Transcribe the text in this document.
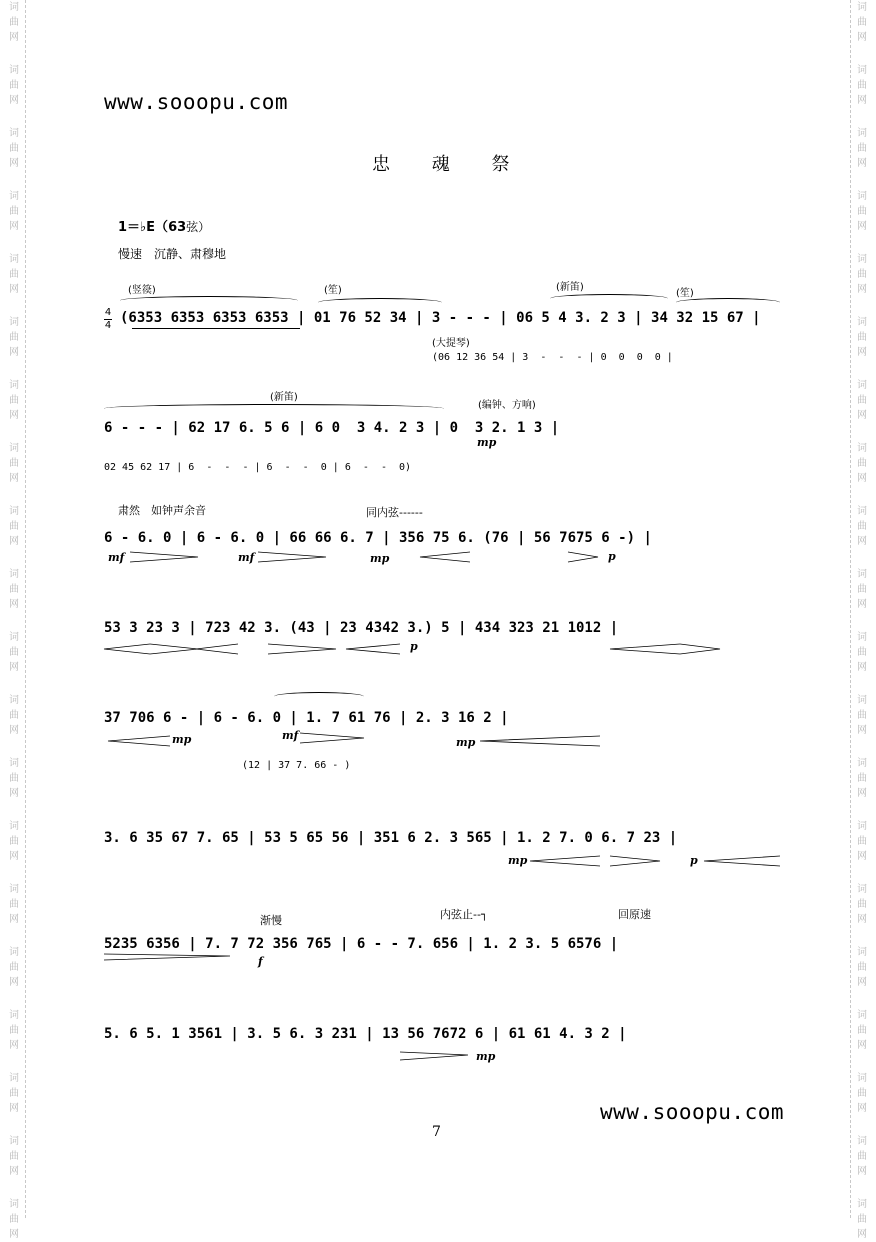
词
曲
网
词
曲
网
词
曲
网
词
曲
网
词
曲
网
词
曲
网
词
曲
网
词
曲
网
词
曲
网
词
曲
网
词
曲
网
词
曲
网
词
曲
网
词
曲
网
词
曲
网
词
曲
网
词
曲
网
词
曲
网
词
曲
网
词
曲
网
词
曲
网
词
曲
网
词
曲
网
词
曲
网
词
曲
网
词
曲
网
词
曲
网
词
曲
网
词
曲
网
词
曲
网
词
曲
网
词
曲
网
词
曲
网
词
曲
网
词
曲
网
词
曲
网
词
曲
网
词
曲
网
词
曲
网
词
曲
网
www.sooopu.com
忠 魂 祭
1＝♭E（63弦）
慢速　沉静、肃穆地
4
4
(竖篌)	(笙)	(新笛)
(笙)
(大提琴)
(6353 6353 6353 6353 | 01 76 52 34 | 3 - - - | 06 5 4 3. 2 3 | 34 32 15 67 |
(06 12 36 54 | 3  -  -  - | 0  0  0  0 |
(新笛)
(编钟、方响)
6 - - - | 62 17 6. 5 6 | 6 0  3 4. 2 3 | 0  3 2. 1 3 |
mp
02 45 62 17 | 6  -  -  - | 6  -  -  0 | 6  -  -  0)
肃然　如钟声余音	同内弦------
6 - 6. 0 | 6 - 6. 0 | 66 66 6. 7 | 356 75 6. (76 | 56 7675 6 -) |
mf	mf	mp	p
53 3 23 3 | 723 42 3. (43 | 23 4342 3.) 5 | 434 323 21 1012 |
p
37 706 6 - | 6 - 6. 0 | 1. 7 61 76 | 2. 3 16 2 |
mp	mf
mp
(12 | 37 7. 66 - )
3. 6 35 67 7. 65 | 53 5 65 56 | 351 6 2. 3 565 | 1. 2 7. 0 6. 7 23 |
mp	p
渐慢	内弦止--┐	回原速
5235 6356 | 7. 7 72 356 765 | 6 - - 7. 656 | 1. 2 3. 5 6576 |
f
5. 6 5. 1 3561 | 3. 5 6. 3 231 | 13 56 7672 6 | 61 61 4. 3 2 |
mp
7
www.sooopu.com
